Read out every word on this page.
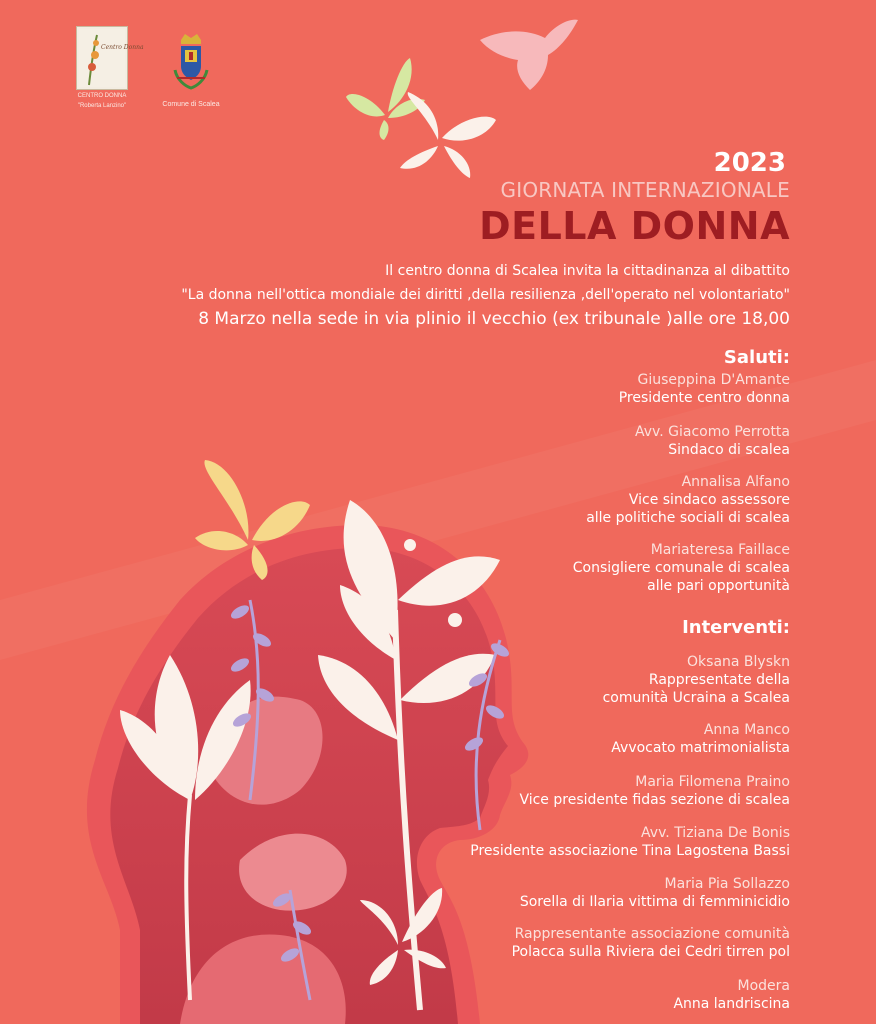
Centro Donna
CENTRO DONNA
"Roberta Lanzino"	Comune di Scalea
2023
GIORNATA INTERNAZIONALE
DELLA DONNA
Il centro donna di Scalea invita la cittadinanza al dibattito
"La donna nell'ottica mondiale dei diritti ,della resilienza ,dell'operato nel volontariato"
8 Marzo nella sede in via plinio il vecchio (ex tribunale )alle ore 18,00
Saluti:
Giuseppina D'Amante
Presidente centro donna
Avv. Giacomo Perrotta
Sindaco di scalea
Annalisa Alfano
Vice sindaco assessore
alle politiche sociali di scalea
Mariateresa Faillace
Consigliere comunale di scalea
alle pari opportunità
Interventi:
Oksana Blyskn
Rappresentate della
comunità Ucraina a Scalea
Anna Manco
Avvocato matrimonialista
Maria Filomena Praino
Vice presidente fidas sezione di scalea
Avv. Tiziana De Bonis
Presidente associazione Tina Lagostena Bassi
Maria Pia Sollazzo
Sorella di Ilaria vittima di femminicidio
Rappresentante associazione comunità
Polacca sulla Riviera dei Cedri tirren pol
Modera
Anna landriscina
